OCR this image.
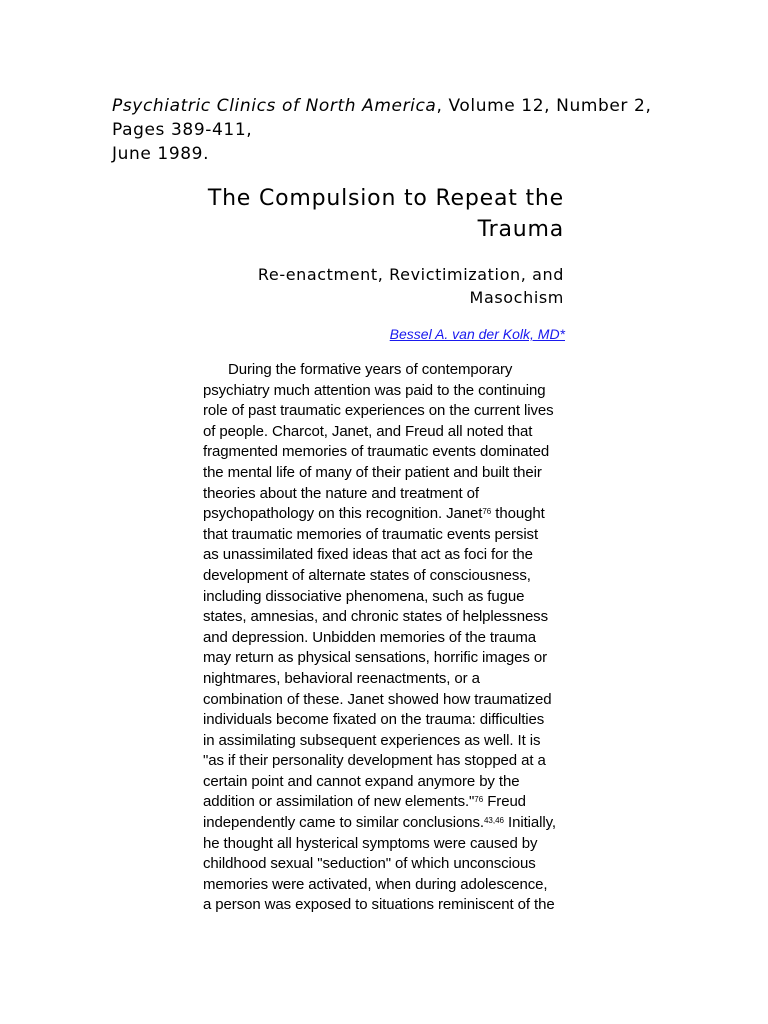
Psychiatric Clinics of North America, Volume 12, Number 2,
Pages 389-411,
June 1989.
The Compulsion to Repeat the
Trauma
Re-enactment, Revictimization, and
Masochism
Bessel A. van der Kolk, MD*
During the formative years of contemporary
psychiatry much attention was paid to the continuing
role of past traumatic experiences on the current lives
of people. Charcot, Janet, and Freud all noted that
fragmented memories of traumatic events dominated
the mental life of many of their patient and built their
theories about the nature and treatment of
psychopathology on this recognition. Janet$^{76}$ thought
that traumatic memories of traumatic events persist
as unassimilated fixed ideas that act as foci for the
development of alternate states of consciousness,
including dissociative phenomena, such as fugue
states, amnesias, and chronic states of helplessness
and depression. Unbidden memories of the trauma
may return as physical sensations, horrific images or
nightmares, behavioral reenactments, or a
combination of these. Janet showed how traumatized
individuals become fixated on the trauma: difficulties
in assimilating subsequent experiences as well. It is
"as if their personality development has stopped at a
certain point and cannot expand anymore by the
addition or assimilation of new elements."$^{76}$ Freud
independently came to similar conclusions.$^{43,46}$ Initially,
he thought all hysterical symptoms were caused by
childhood sexual "seduction" of which unconscious
memories were activated, when during adolescence,
a person was exposed to situations reminiscent of the
